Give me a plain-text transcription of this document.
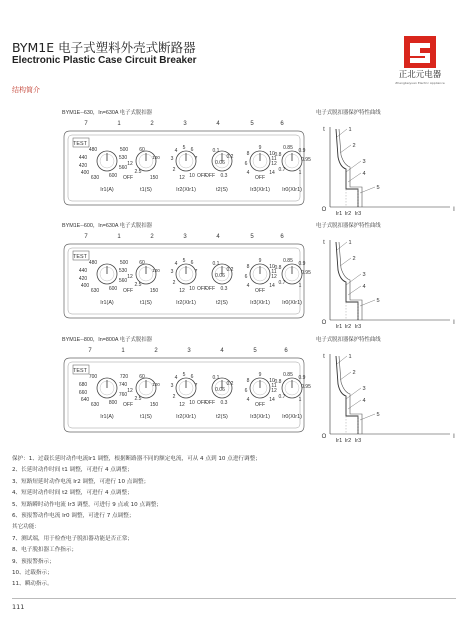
BYM1E 电子式塑料外壳式断路器
Electronic Plastic Case Circuit Breaker
正北元电器
Zhengbeiyuan Electric Appliance
结构简介
BYM1E--630，In=630A 电子式脱扣器	电子式脱扣器保护特性曲线
7	1	2	3	4	5	6
TEST
Ir1(A)	t1(S)	Ir2(XIr1)	t2(S)	Ir3(XIr1) Ir0(XIr1)
480
440
420
400
630 600
530
560
500 60
12
2.5
150
OFF
100
4 5 6
3	7
2
12 10 OFF
0.1
0.2
0.06
0.3
OFF
9
8	10
6	12
4	14
OFF
11
0.85 0.9
0.8
0.95
0.7	1
t
I
O
1
2
3
4
5
Ir1 Ir2 Ir3
BYM1E--600，In=630A 电子式脱扣器	电子式脱扣器保护特性曲线
7	1	2	3	4	5	6
TEST
Ir1(A)	t1(S)	Ir2(XIr1)	t2(S)	Ir3(XIr1) Ir0(XIr1)
480
440
420
400
630 600
530
560
500 60
12
2.5
150
OFF
100
4 5 6
3	7
2
12 10 OFF
0.1
0.2
0.06
0.3
OFF
9
8	10
6	12
4	14
OFF
11
0.85 0.9
0.8
0.95
0.7	1
t
I
O
1
2
3
4
5
Ir1 Ir2 Ir3
BYM1E--800，In=800A 电子式脱扣器	电子式脱扣器保护特性曲线
7	1	2	3	4	5	6
TEST
Ir1(A)	t1(S)	Ir2(XIr1)	t2(S)	Ir3(XIr1) Ir0(XIr1)
700
680
660
640
630 800
740
760
720 60
12
2.5
150
OFF
100
4 5 6
3	7
2
12 10 OFF
0.1
0.2
0.06
0.3
OFF
9
8	10
6	12
4	14
OFF
11
0.85 0.9
0.8
0.95
0.7	1
t
I
O
1
2
3
4
5
Ir1 Ir2 Ir3
保护：1、过载长延时动作电流Ir1 调整，根据断路器不同的额定电流，可从 4 点到 10 点进行调整；
2、长延时动作时间 t1 调整，可进行 4 点调整；
3、短路短延时动作电流 Ir2 调整，可进行 10 点调整；
4、短延时动作时间 t2 调整，可进行 4 点调整；
5、短路瞬时动作电流 Ir3 调整，可进行 9 点或 10 点调整；
6、预报警动作电流 Ir0 调整，可进行 7 点调整；
其它功能：
7、测试端，用于检查电子脱扣器功能是否正常；
8、电子脱扣器工作指示；
9、预报警指示；
10、过载指示；
11、瞬动指示。
111
